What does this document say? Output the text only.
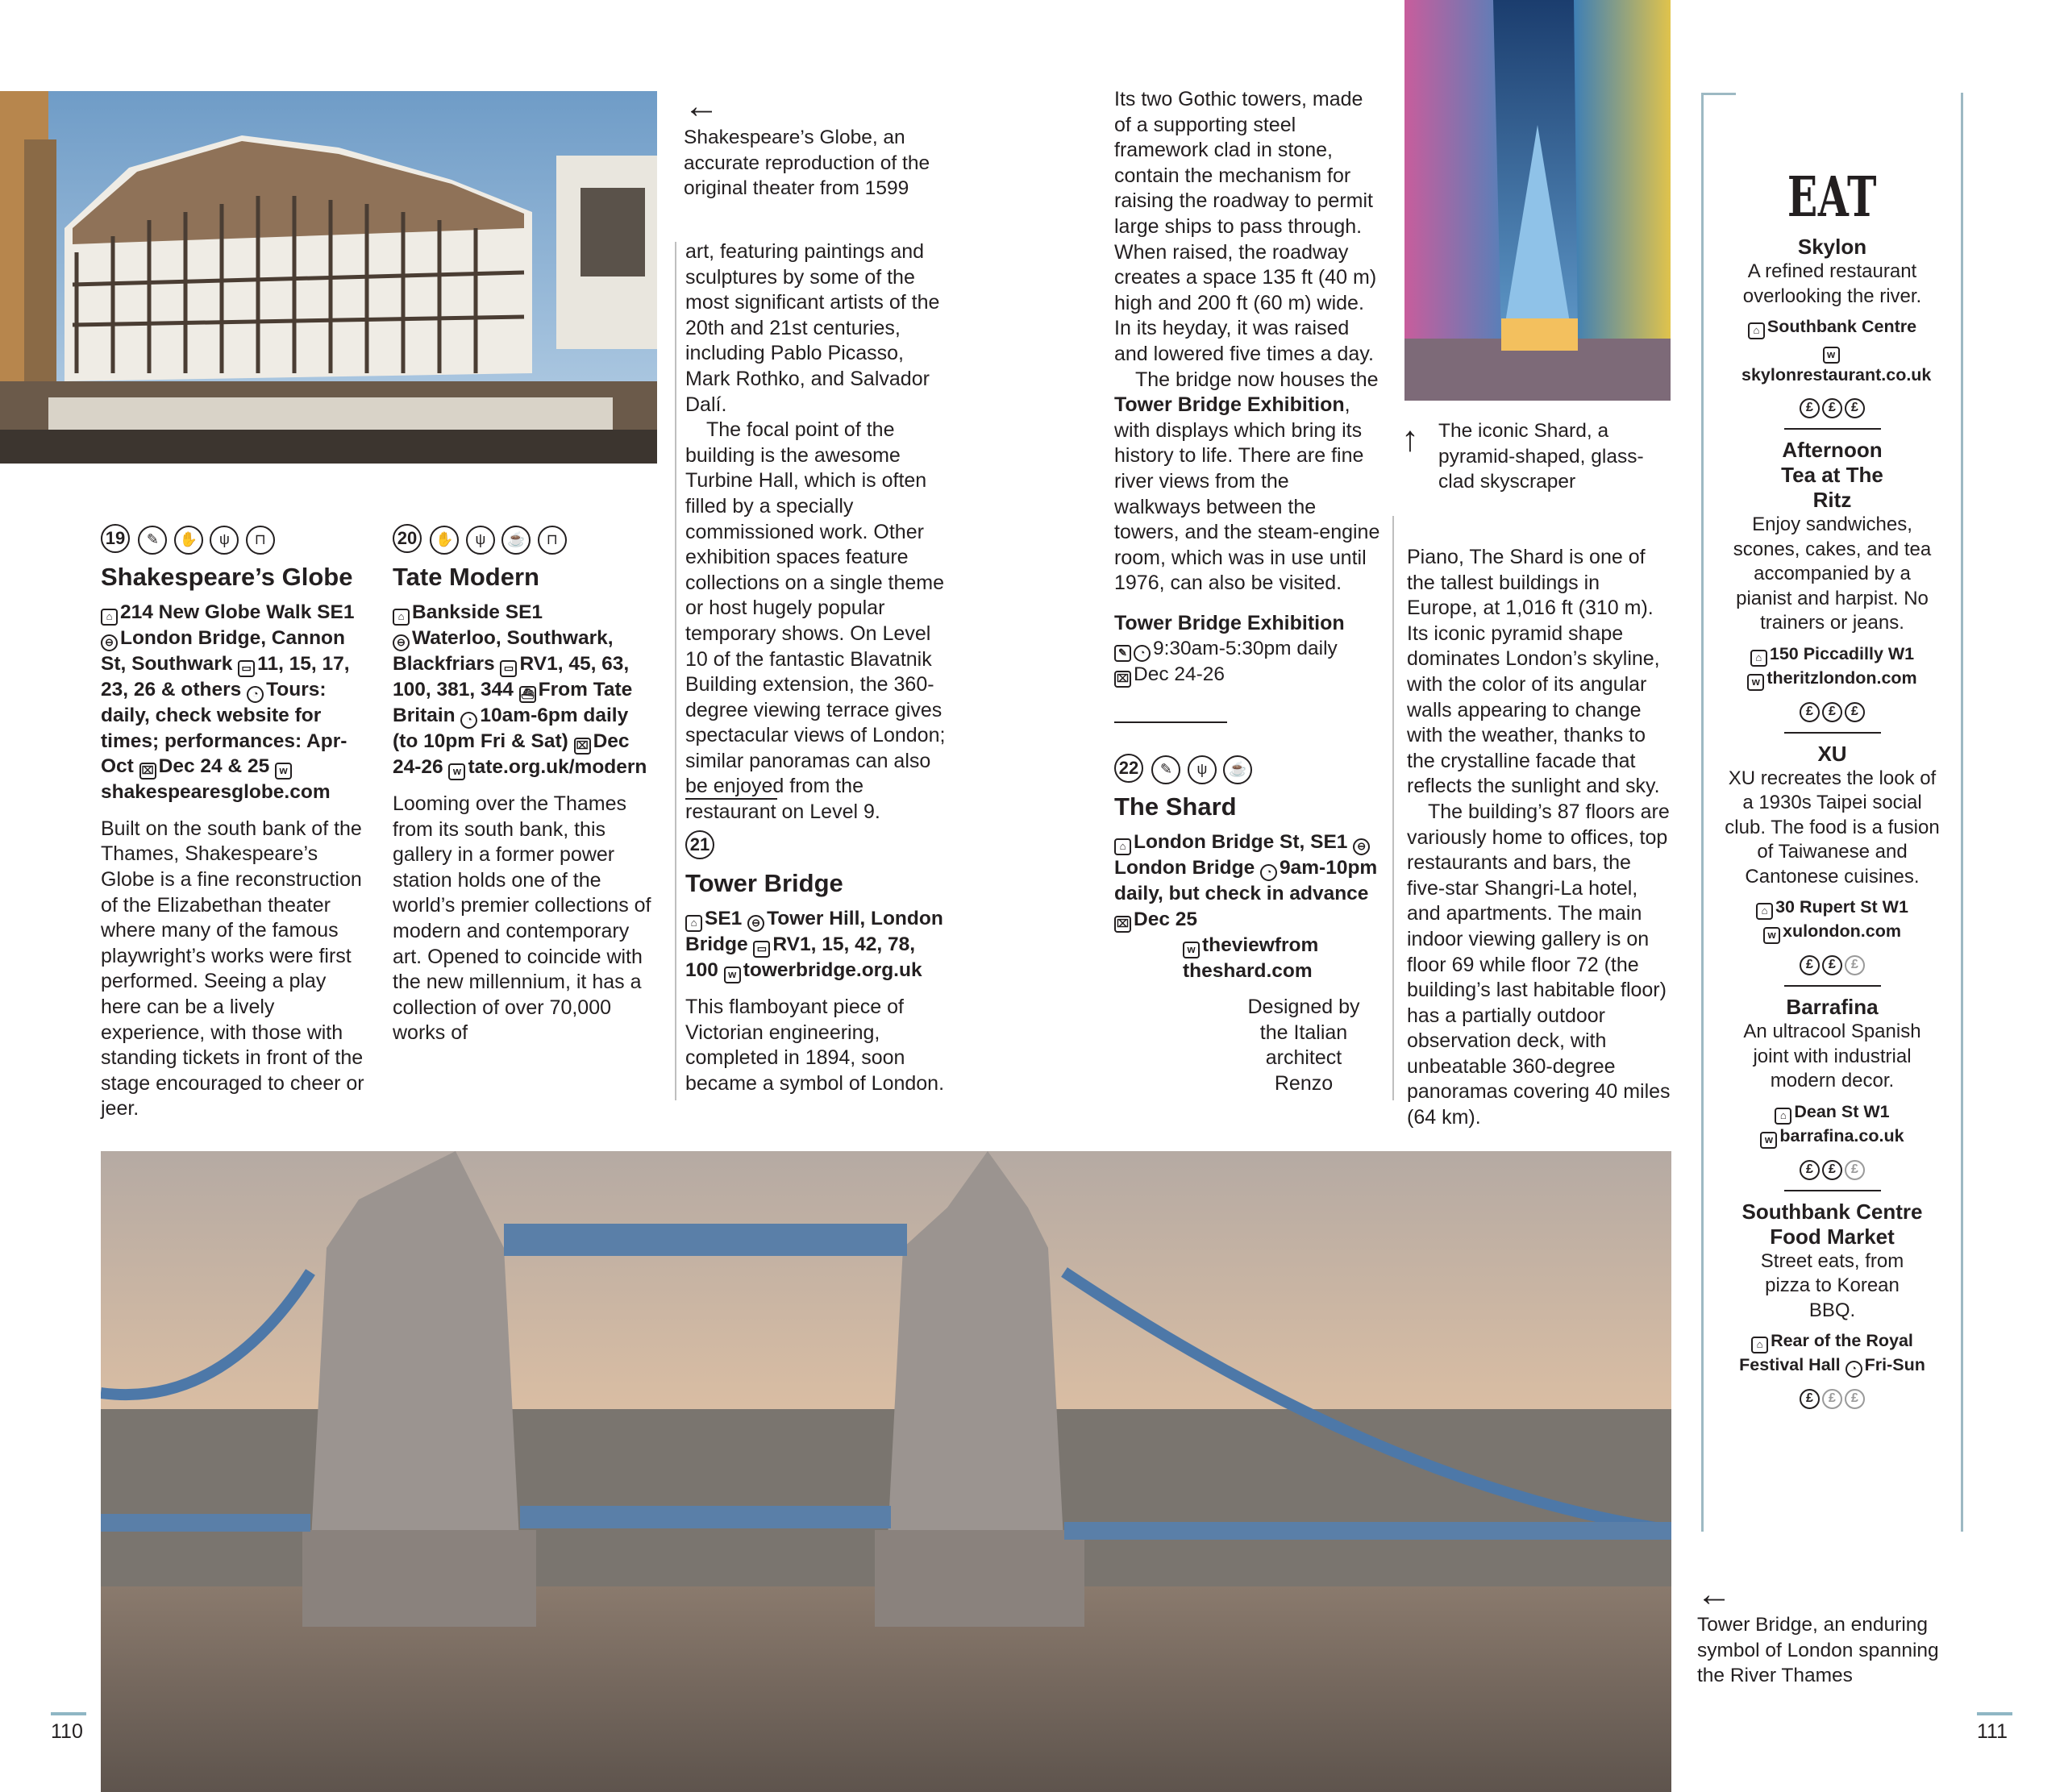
←
Shakespeare’s Globe, an accurate reproduction of the original theater from 1599
↑ The iconic Shard, a pyramid-shaped, glass-clad skyscraper
←
Tower Bridge, an enduring symbol of London spanning the River Thames
19 ✎ ✋ ψ ⊓
Shakespeare’s Globe
⌂ 214 New Globe Walk SE1 ⊖ London Bridge, Cannon St, Southwark ▭ 11, 15, 17, 23, 26 & others ◔ Tours: daily, check website for times; performances: Apr-Oct ⌧ Dec 24 & 25 wshakespearesglobe.com

Built on the south bank of the Thames, Shakespeare’s Globe is a fine reconstruction of the Elizabethan theater where many of the famous playwright’s works were first performed. Seeing a play here can be a lively experience, with those with standing tickets in front of the stage encouraged to cheer or jeer.

20 ✋ ψ ☕ ⊓
Tate Modern
⌂ Bankside SE1
⊖ Waterloo, Southwark, Blackfriars ▭ RV1, 45, 63, 100, 381, 344 ⛴ From Tate Britain ◔ 10am-6pm daily (to 10pm Fri & Sat) ⌧ Dec 24-26 w tate.org.uk/modern

Looming over the Thames from its south bank, this gallery in a former power station holds one of the world’s premier collections of modern and contemporary art. Opened to coincide with the new millennium, it has a collection of over 70,000 works of

art, featuring paintings and sculptures by some of the most significant artists of the 20th and 21st centuries, including Pablo Picasso, Mark Rothko, and Salvador Dalí.

The focal point of the building is the awesome Turbine Hall, which is often filled by a specially commissioned work. Other exhibition spaces feature collections on a single theme or host hugely popular temporary shows. On Level 10 of the fantastic Blavatnik Building extension, the 360-degree viewing terrace gives spectacular views of London; similar panoramas can also be enjoyed from the restaurant on Level 9.

21
Tower Bridge
⌂ SE1 ⊖ Tower Hill, London Bridge ▭ RV1, 15, 42, 78, 100 w towerbridge.org.uk

This flamboyant piece of Victorian engineering, completed in 1894, soon became a symbol of London.

Its two Gothic towers, made of a supporting steel framework clad in stone, contain the mechanism for raising the roadway to permit large ships to pass through. When raised, the roadway creates a space 135 ft (40 m) high and 200 ft (60 m) wide. In its heyday, it was raised and lowered five times a day.

The bridge now houses the Tower Bridge Exhibition, with displays which bring its history to life. There are fine river views from the walkways between the towers, and the steam-engine room, which was in use until 1976, can also be visited.

Tower Bridge Exhibition
✎ ◔ 9:30am-5:30pm daily
⌧ Dec 24-26
22 ✎ ψ ☕
The Shard
⌂ London Bridge St, SE1 ⊖London Bridge ◔ 9am-10pm daily, but check in advance ⌧ Dec 25
w theviewfrom theshard.com

Designed by the Italian architect Renzo

Piano, The Shard is one of the tallest buildings in Europe, at 1,016 ft (310 m). Its iconic pyramid shape dominates London’s skyline, with the color of its angular walls appearing to change with the weather, thanks to the crystalline facade that reflects the sunlight and sky.

The building’s 87 floors are variously home to offices, top restaurants and bars, the five-star Shangri-La hotel, and apartments. The main indoor viewing gallery is on floor 69 while floor 72 (the building’s last habitable floor) has a partially outdoor observation deck, with unbeatable 360-degree panoramas covering 40 miles (64 km).

EAT
Skylon
A refined restaurant overlooking the river.
⌂ Southbank Centre
wskylonrestaurant.co.uk
£	£	£
Afternoon Tea at The Ritz
Enjoy sandwiches, scones, cakes, and tea accompanied by a pianist and harpist. No trainers or jeans.
⌂ 150 Piccadilly W1
w theritzlondon.com
£	£	£
XU
XU recreates the look of a 1930s Taipei social club. The food is a fusion of Taiwanese and Cantonese cuisines.
⌂ 30 Rupert St W1
w xulondon.com
£	£	£
Barrafina
An ultracool Spanish joint with industrial modern decor.
⌂ Dean St W1
w barrafina.co.uk
£	£	£
Southbank Centre Food Market
Street eats, from pizza to Korean BBQ.
⌂ Rear of the Royal Festival Hall ◔ Fri-Sun
£	£	£
110	111
